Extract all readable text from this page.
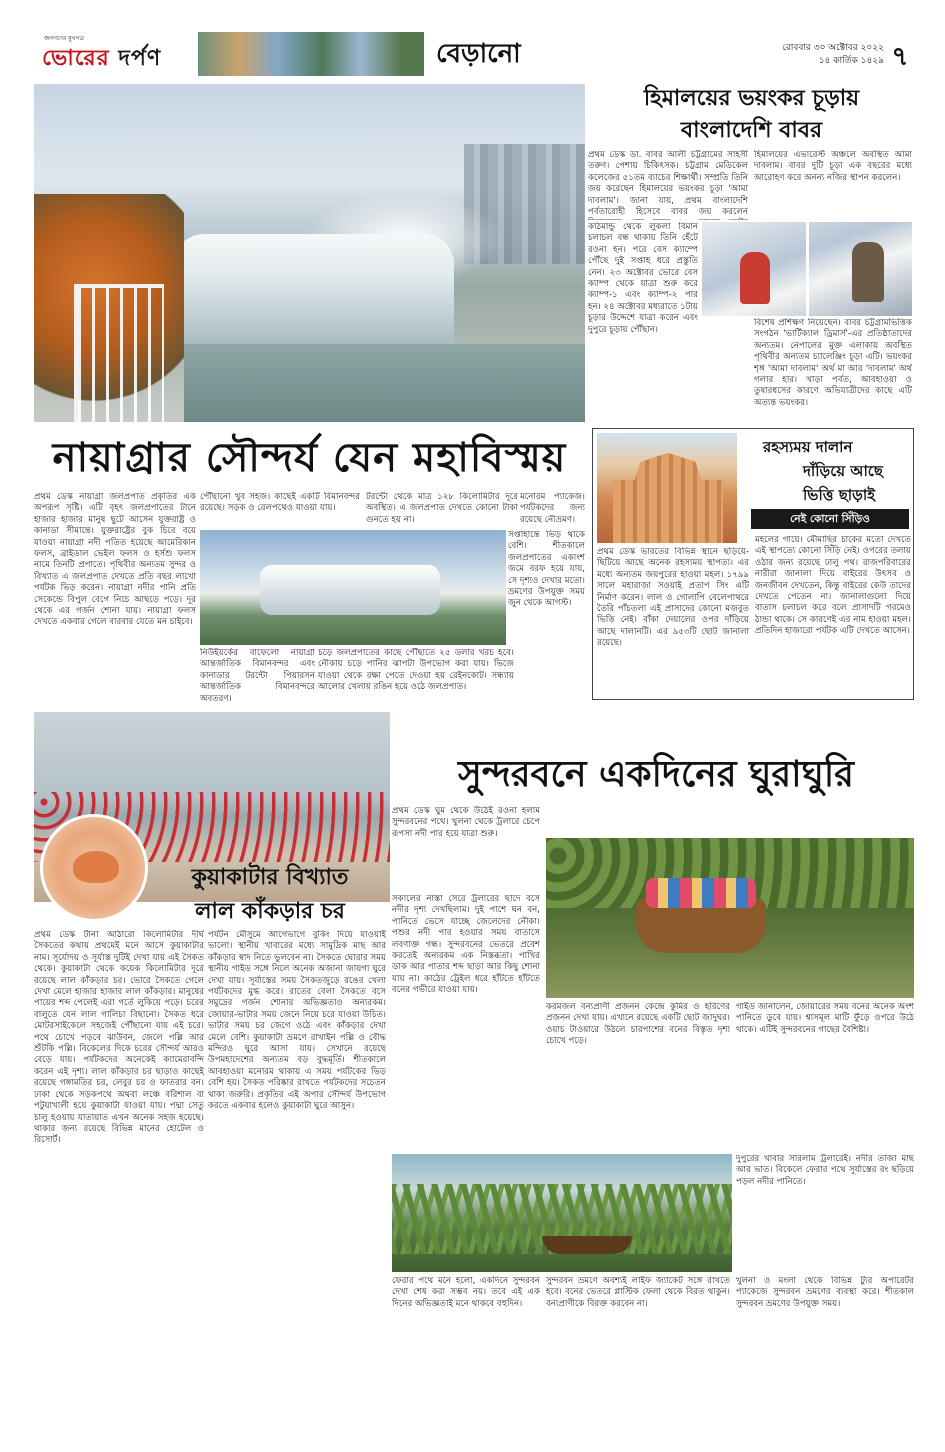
জনগণের মুখপত্র
ভোরের দর্পণ	বেড়ানো	রোববার ৩০ অক্টোবর ২০২২
১৪ কার্তিক ১৪২৯ ৭
হিমালয়ের ভয়ংকর চূড়ায়
বাংলাদেশি বাবর
প্রথম ডেস্ক ডা. বাবর আলী চট্টগ্রামের সাহসী তরুণ। পেশায় চিকিৎসক। চট্টগ্রাম মেডিকেল কলেজের ৫১তম ব্যাচের শিক্ষার্থী। সম্প্রতি তিনি জয় করেছেন হিমালয়ের ভয়ংকর চূড়া 'আমা দাবলাম'। জানা যায়, প্রথম বাংলাদেশি পর্বতারোহী হিসেবে বাবর জয় করলেন
হিমালয়ের এভারেস্ট অঞ্চলে অবস্থিত আমা দাবলাম। বাবর দুটি চূড়া এক বছরের মধ্যে আরোহণ করে অনন্য নজির স্থাপন করলেন।
কাঠমান্ডু থেকে লুকলা বিমান চলাচল বন্ধ থাকায় তিনি হেঁটে রওনা হন। পরে বেস ক্যাম্পে পৌঁছে দুই সপ্তাহ ধরে প্রস্তুতি নেন। ২৩ অক্টোবর ভোরে বেস ক্যাম্প থেকে যাত্রা শুরু করে ক্যাম্প-১ এবং ক্যাম্প-২ পার হন। ২৪ অক্টোবর মধ্যরাতে ১টায় চূড়ার উদ্দেশে যাত্রা করেন এবং দুপুরে চূড়ায় পৌঁছান।
বিশেষ প্রশিক্ষণ নিয়েছেন। বাবর চট্টগ্রামভিত্তিক সংগঠন 'ভার্টিক্যাল ড্রিমার্স'-এর প্রতিষ্ঠাতাদের অন্যতম। নেপালের মুক্ত এলাকায় অবস্থিত পৃথিবীর অন্যতম চ্যালেঞ্জিং চূড়া এটি। ভয়ংকর শৃঙ্গ 'আমা দাবলাম' অর্থ মা আর 'দাবলাম' অর্থ গলার হার। খাড়া পর্বত, আবহাওয়া ও তুষারধসের কারণে অভিযাত্রীদের কাছে এটি অত্যন্ত ভয়ংকর।
নায়াগ্রার সৌন্দর্য যেন মহাবিস্ময়
প্রথম ডেস্ক নায়াগ্রা জলপ্রপাত প্রকৃতির এক অপরূপ সৃষ্টি। এটি বৃহৎ জলপ্রপাতের টানে হাজার হাজার মানুষ ছুটে আসেন যুক্তরাষ্ট্র ও কানাডা সীমান্তে। যুক্তরাষ্ট্রের বুক চিরে বয়ে যাওয়া নায়াগ্রা নদী পতিত হয়েছে আমেরিকান ফলস, ব্রাইডাল ভেইল ফলস ও হর্সশু ফলস নামে তিনটি প্রপাতে। পৃথিবীর অন্যতম সুন্দর ও বিখ্যাত এ জলপ্রপাত দেখতে প্রতি বছর লাখো পর্যটক ভিড় করেন। নায়াগ্রা নদীর পানি প্রতি সেকেন্ডে বিপুল বেগে নিচে আছড়ে পড়ে। দূর থেকে এর গর্জন শোনা যায়। নায়াগ্রা ফলস দেখতে একবার গেলে বারবার যেতে মন চাইবে।
পৌঁছানো খুব সহজ। কাছেই একটি বিমানবন্দর রয়েছে। সড়ক ও রেলপথেও যাওয়া যায়।
টরন্টো থেকে মাত্র ১২৮ কিলোমিটার দূরে অবস্থিত। এ জলপ্রপাত দেখতে কোনো টাকা গুনতে হয় না।
মনোরম প্যাকেজ। পর্যটকদের জন্য রয়েছে নৌভ্রমণ।
নিউইয়র্কের বাফেলো নায়াগ্রা আন্তর্জাতিক বিমানবন্দর এবং কানাডার টরন্টো পিয়ারসন আন্তর্জাতিক বিমানবন্দরে অবতরণ।
চড়ে জলপ্রপাতের কাছে পৌঁছাতে ২৫ ডলার খরচ হবে। নৌকায় চড়ে পানির ঝাপটা উপভোগ করা যায়। ভিজে যাওয়া থেকে রক্ষা পেতে দেওয়া হয় রেইনকোট। সন্ধ্যায় আলোর খেলায় রঙিন হয়ে ওঠে জলপ্রপাত।
সপ্তাহান্তে ভিড় থাকে বেশি। শীতকালে জলপ্রপাতের একাংশ জমে বরফ হয়ে যায়, সে দৃশ্যও দেখার মতো। ভ্রমণের উপযুক্ত সময় জুন থেকে আগস্ট।
রহস্যময় দালান
দাঁড়িয়ে আছে
ভিত্তি ছাড়াই
নেই কোনো সিঁড়িও
প্রথম ডেস্ক ভারতের বিভিন্ন স্থানে ছড়িয়ে-ছিটিয়ে আছে অনেক রহস্যময় স্থাপত্য। এর মধ্যে অন্যতম জয়পুরের হাওয়া মহল। ১৭৯৯ সালে মহারাজা সওয়াই প্রতাপ সিং এটি নির্মাণ করেন। লাল ও গোলাপি বেলেপাথরে তৈরি পাঁচতলা এই প্রাসাদের কোনো মজবুত ভিত্তি নেই। বাঁকা দেয়ালের ওপর দাঁড়িয়ে আছে দালানটি। এর ৯৫৩টি ছোট জানালা রয়েছে।
মহলের গায়ে। মৌমাছির চাকের মতো দেখতে এই স্থাপত্যে কোনো সিঁড়ি নেই। ওপরের তলায় ওঠার জন্য রয়েছে ঢালু পথ। রাজপরিবারের নারীরা জানালা দিয়ে বাইরের উৎসব ও জনজীবন দেখতেন, কিন্তু বাইরের কেউ তাদের দেখতে পেতেন না। জানালাগুলো দিয়ে বাতাস চলাচল করে বলে প্রাসাদটি গরমেও ঠান্ডা থাকে। সে কারণেই এর নাম হাওয়া মহল। প্রতিদিন হাজারো পর্যটক এটি দেখতে আসেন।
কুয়াকাটার বিখ্যাত
লাল কাঁকড়ার চর
প্রথম ডেস্ক টানা আঠারো কিলোমিটার দীর্ঘ সৈকতের কথায় প্রথমেই মনে আসে কুয়াকাটার নাম। সূর্যোদয় ও সূর্যাস্ত দুটিই দেখা যায় এই সৈকত থেকে। কুয়াকাটা থেকে কয়েক কিলোমিটার দূরে রয়েছে লাল কাঁকড়ার চর। ভোরে সৈকতে গেলে দেখা মেলে হাজার হাজার লাল কাঁকড়ার। মানুষের পায়ের শব্দ পেলেই এরা গর্তে লুকিয়ে পড়ে। চরের বালুতে যেন লাল গালিচা বিছানো। সৈকত ধরে মোটরসাইকেলে সহজেই পৌঁছানো যায় এই চরে। পথে চোখে পড়বে ঝাউবন, জেলে পল্লি আর শুঁটকি পল্লি। বিকেলের দিকে চরের সৌন্দর্য আরও বেড়ে যায়। পর্যটকদের অনেকেই ক্যামেরাবন্দি করেন এই দৃশ্য। লাল কাঁকড়ার চর ছাড়াও কাছেই রয়েছে গঙ্গামতির চর, লেবুর চর ও ফাতরার বন। ঢাকা থেকে সড়কপথে অথবা লঞ্চে বরিশাল বা পটুয়াখালী হয়ে কুয়াকাটা যাওয়া যায়। পদ্মা সেতু চালু হওয়ায় যাতায়াত এখন অনেক সহজ হয়েছে। থাকার জন্য রয়েছে বিভিন্ন মানের হোটেল ও রিসোর্ট।
পর্যটন মৌসুমে আগেভাগে বুকিং দিয়ে যাওয়াই ভালো। স্থানীয় খাবারের মধ্যে সামুদ্রিক মাছ আর কাঁকড়ার স্বাদ নিতে ভুলবেন না। সৈকতে ঘোরার সময় স্থানীয় গাইড সঙ্গে নিলে অনেক অজানা জায়গা ঘুরে দেখা যায়। সূর্যাস্তের সময় সৈকতজুড়ে রঙের খেলা পর্যটকদের মুগ্ধ করে। রাতের বেলা সৈকতে বসে সমুদ্রের গর্জন শোনার অভিজ্ঞতাও অন্যরকম। জোয়ার-ভাটার সময় জেনে নিয়ে চরে যাওয়া উচিত। ভাটার সময় চর জেগে ওঠে এবং কাঁকড়ার দেখা মেলে বেশি। কুয়াকাটা ভ্রমণে রাখাইন পল্লি ও বৌদ্ধ মন্দিরও ঘুরে আসা যায়। সেখানে রয়েছে উপমহাদেশের অন্যতম বড় বুদ্ধমূর্তি। শীতকালে আবহাওয়া মনোরম থাকায় এ সময় পর্যটকের ভিড় বেশি হয়। সৈকত পরিষ্কার রাখতে পর্যটকদের সচেতন থাকা জরুরি। প্রকৃতির এই অপার সৌন্দর্য উপভোগ করতে একবার হলেও কুয়াকাটা ঘুরে আসুন।
সুন্দরবনে একদিনের ঘুরাঘুরি
প্রথম ডেস্ক ঘুম থেকে উঠেই রওনা হলাম সুন্দরবনের পথে। খুলনা থেকে ট্রলারে চেপে রূপসা নদী পার হয়ে যাত্রা শুরু।
সকালের নাস্তা সেরে ট্রলারের ছাদে বসে নদীর দৃশ্য দেখছিলাম। দুই পাশে ঘন বন, পানিতে ভেসে যাচ্ছে জেলেদের নৌকা। পশুর নদী পার হওয়ার সময় বাতাসে লবণাক্ত গন্ধ। সুন্দরবনের ভেতরে প্রবেশ করতেই অন্যরকম এক নিস্তব্ধতা। পাখির ডাক আর পাতার শব্দ ছাড়া আর কিছু শোনা যায় না। কাঠের ট্রেইল ধরে হাঁটতে হাঁটতে বনের গভীরে যাওয়া যায়।
করমজল বন্যপ্রাণী প্রজনন কেন্দ্রে কুমির ও হরিণের প্রজনন দেখা যায়। এখানে রয়েছে একটি ছোট জাদুঘর। ওয়াচ টাওয়ারে উঠলে চারপাশের বনের বিস্তৃত দৃশ্য চোখে পড়ে।
গাইড জানালেন, জোয়ারের সময় বনের অনেক অংশ পানিতে ডুবে যায়। শ্বাসমূল মাটি ফুঁড়ে ওপরে উঠে থাকে। এটিই সুন্দরবনের গাছের বৈশিষ্ট্য।
দুপুরের খাবার সারলাম ট্রলারেই। নদীর তাজা মাছ আর ভাত। বিকেলে ফেরার পথে সূর্যাস্তের রং ছড়িয়ে পড়ল নদীর পানিতে।
ফেরার পথে মনে হলো, একদিনে সুন্দরবন দেখা শেষ করা সম্ভব নয়। তবে এই এক দিনের অভিজ্ঞতাই মনে থাকবে বহুদিন।
সুন্দরবন ভ্রমণে অবশ্যই লাইফ জ্যাকেট সঙ্গে রাখতে হবে। বনের ভেতরে প্লাস্টিক ফেলা থেকে বিরত থাকুন। বন্যপ্রাণীকে বিরক্ত করবেন না।
খুলনা ও মংলা থেকে বিভিন্ন ট্যুর অপারেটর প্যাকেজে সুন্দরবন ভ্রমণের ব্যবস্থা করে। শীতকাল সুন্দরবন ভ্রমণের উপযুক্ত সময়।
